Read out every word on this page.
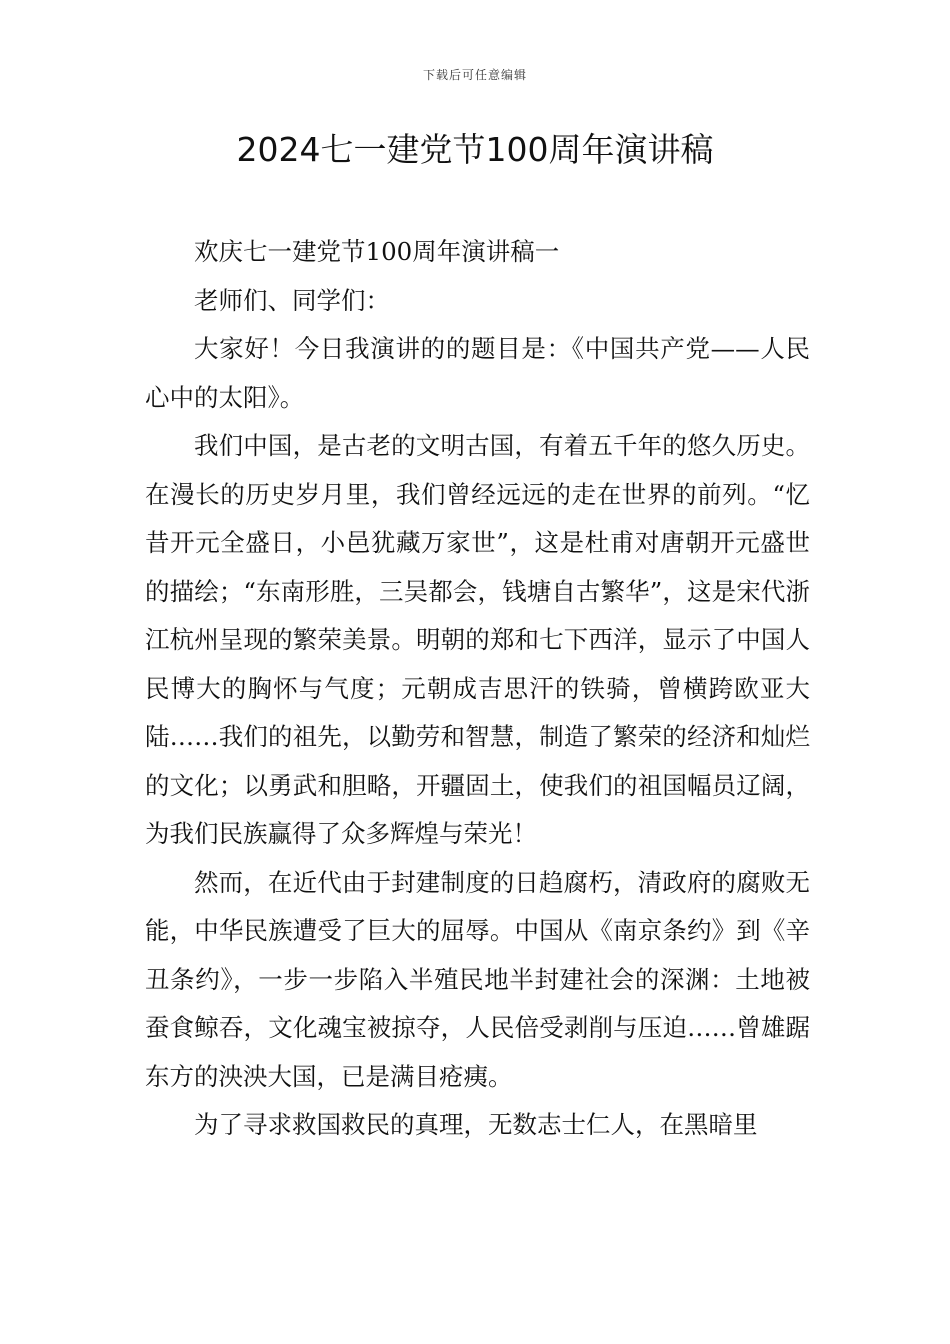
下载后可任意编辑
2024七一建党节100周年演讲稿

欢庆七一建党节100周年演讲稿一

老师们、同学们：

大家好！今日我演讲的的题目是：《中国共产党——人民心中的太阳》。

我们中国，是古老的文明古国，有着五千年的悠久历史。在漫长的历史岁月里，我们曾经远远的走在世界的前列。“忆昔开元全盛日，小邑犹藏万家世”，这是杜甫对唐朝开元盛世的描绘；“东南形胜，三吴都会，钱塘自古繁华”，这是宋代浙江杭州呈现的繁荣美景。明朝的郑和七下西洋，显示了中国人民博大的胸怀与气度；元朝成吉思汗的铁骑，曾横跨欧亚大陆……我们的祖先，以勤劳和智慧，制造了繁荣的经济和灿烂的文化；以勇武和胆略，开疆固土，使我们的祖国幅员辽阔，为我们民族赢得了众多辉煌与荣光！

然而，在近代由于封建制度的日趋腐朽，清政府的腐败无能，中华民族遭受了巨大的屈辱。中国从《南京条约》到《辛丑条约》，一步一步陷入半殖民地半封建社会的深渊：土地被蚕食鲸吞，文化魂宝被掠夺，人民倍受剥削与压迫……曾雄踞东方的泱泱大国，已是满目疮痍。

为了寻求救国救民的真理，无数志士仁人，在黑暗里
